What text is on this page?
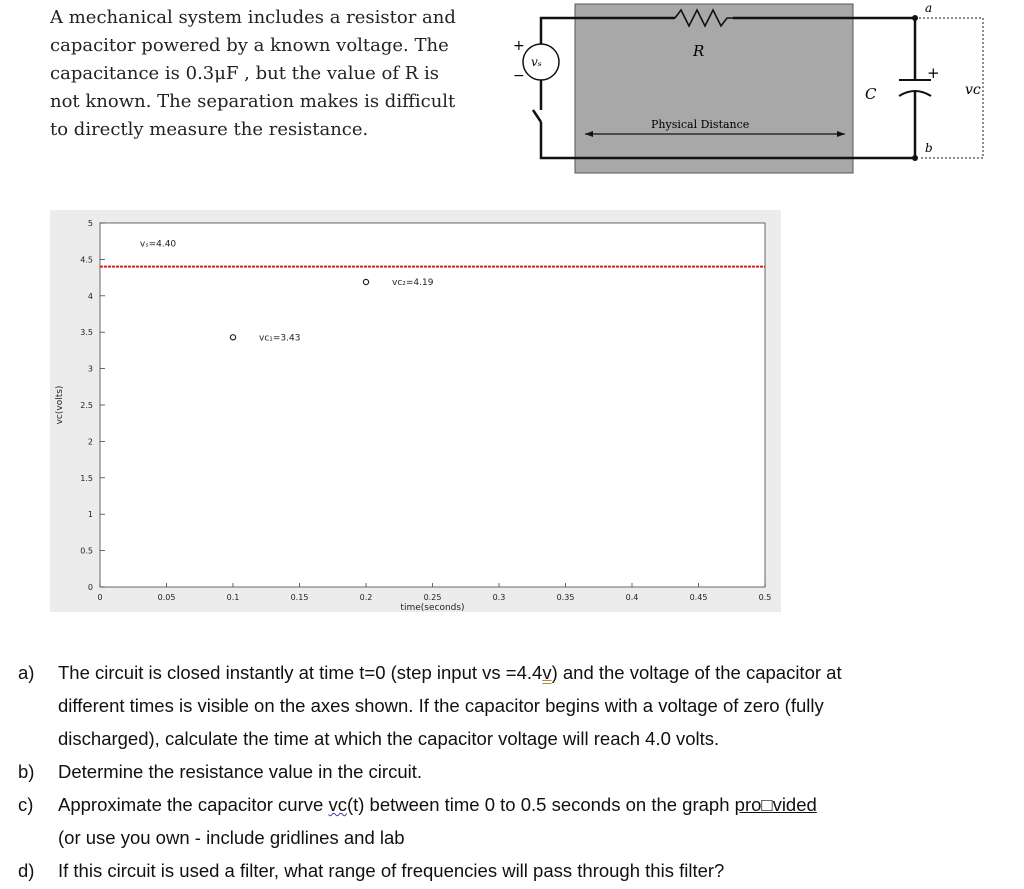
A mechanical system includes a resistor and

capacitor powered by a known voltage. The

capacitance is 0.3μF , but the value of R is

not known. The separation makes is difficult

to directly measure the resistance.

R
vₛ
+
−
Physical Distance
C
+
a
b
vᴄ
0	0.05	0.1	0.15	0.2	0.25	0.3	0.35	0.4	0.45	0.5
0
0.5
1
1.5
2
2.5
3
3.5
4
4.5
5
vₛ=4.40
vᴄ₁=3.43
vᴄ₂=4.19
time(seconds)
vᴄ(volts)
a)	The circuit is closed instantly at time t=0 (step input vs =4.4v) and the voltage of the capacitor at
different times is visible on the axes shown. If the capacitor begins with a voltage of zero (fully
discharged), calculate the time at which the capacitor voltage will reach 4.0 volts.
b)	Determine the resistance value in the circuit.
c)	Approximate the capacitor curve vc(t) between time 0 to 0.5 seconds on the graph pro□vided
(or use you own - include gridlines and lab
d)	If this circuit is used a filter, what range of frequencies will pass through this filter?
